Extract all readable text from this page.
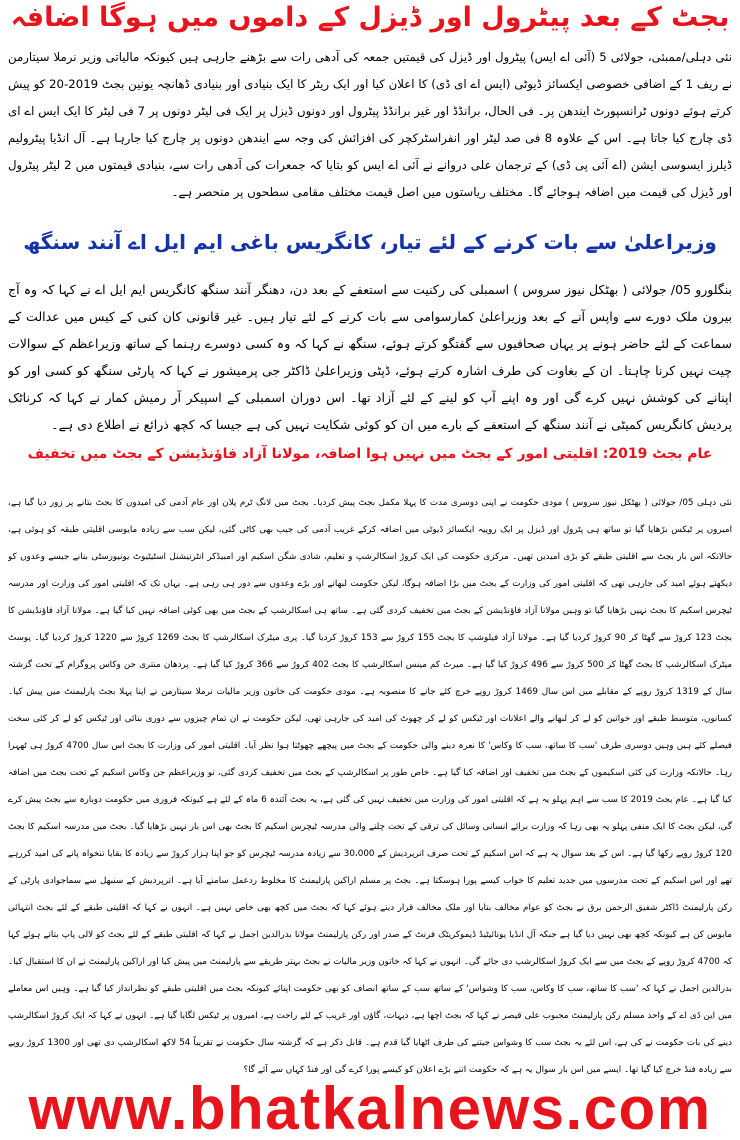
بجٹ کے بعد پیٹرول اور ڈیزل کے داموں میں ہوگا اضافہ

نئی دہلی/ممبئی، جولائی 5 (آئی اے ایس) پیٹرول اور ڈیزل کی قیمتیں جمعہ کی آدھی رات سے بڑھنے جارہی ہیں کیونکہ مالیاتی وزیر نرملا سیتارمن نے ریف 1 کے اضافی خصوصی ایکسائز ڈیوٹی (ایس اے ای ڈی) کا اعلان کیا اور ایک ریٹر کا ایک بنیادی اور بنیادی ڈھانچہ یونین بجٹ 2019-20 کو پیش کرتے ہوئے دونوں ٹرانسپورٹ ایندھن پر۔ فی الحال، برانڈڈ اور غیر برانڈڈ پیٹرول اور دونوں ڈیزل پر ایک فی لیٹر دونوں پر 7 فی لیٹر کا ایک ایس اے ای ڈی چارج کیا جاتا ہے۔ اس کے علاوہ 8 فی صد لیٹر اور انفراسٹرکچر کی افزائش کی وجہ سے ایندھن دونوں پر چارج کیا جارہا ہے۔ آل انڈیا پیٹرولیم ڈیلرز ایسوسی ایشن (اے آئی پی ڈی) کے ترجمان علی دروانے نے آئی اے ایس کو بتایا کہ جمعرات کی آدھی رات سے، بنیادی قیمتوں میں 2 لیٹر پیٹرول اور ڈیزل کی قیمت میں اضافہ ہوجائے گا۔ مختلف ریاستوں میں اصل قیمت مختلف مقامی سطحوں پر منحصر ہے۔

وزیراعلیٰ سے بات کرنے کے لئے تیار، کانگریس باغی ایم ایل اے آنند سنگھ

بنگلورو 05/ جولائی ( بھٹکل نیوز سروس ) اسمبلی کی رکنیت سے استعفے کے بعد دن، دھنگر آنند سنگھ کانگریس ایم ایل اے نے کہا کہ وہ آج بیرون ملک دورے سے واپس آنے کے بعد وزیراعلیٰ کمارسوامی سے بات کرنے کے لئے تیار ہیں۔ غیر قانونی کان کنی کے کیس میں عدالت کے سماعت کے لئے حاضر ہونے پر یہاں صحافیوں سے گفتگو کرتے ہوئے، سنگھ نے کہا کہ وہ کسی دوسرے رہنما کے ساتھ وزیراعظم کے سوالات چیت نہیں کرنا چاہتا۔ ان کے بغاوت کی طرف اشارہ کرتے ہوئے، ڈپٹی وزیراعلیٰ ڈاکٹر جی پرمیشور نے کہا کہ پارٹی سنگھ کو کسی اور کو اپنانے کی کوشش نہیں کرے گی اور وہ اپنے آپ کو لینے کے لئے آزاد تھا۔ اس دوران اسمبلی کے اسپیکر آر رمیش کمار نے کہا کہ کرناٹک پردیش کانگریس کمیٹی نے آنند سنگھ کے استعفے کے بارے میں ان کو کوئی شکایت نہیں کی ہے جیسا کہ کچھ ذرائع نے اطلاع دی ہے۔

عام بجٹ 2019: اقلیتی امور کے بجٹ میں نہیں ہوا اضافہ، مولانا آزاد فاؤنڈیشن کے بجٹ میں تخفیف

نئی دہلی 05/ جولائی ( بھٹکل نیوز سروس ) مودی حکومت نے اپنی دوسری مدت کا پہلا مکمل بجٹ پیش کردیا۔ بجٹ میں لانگ ٹرم پلان اور عام آدمی کی امیدوں کا بجٹ بتانے پر زور دیا گیا ہے، امیروں پر ٹیکس بڑھایا گیا تو ساتھ ہی پٹرول اور ڈیزل پر ایک روپیہ ایکسائز ڈیوٹی میں اضافہ کرکے غریب آدمی کی جیب بھی کاٹی گئی، لیکن سب سے زیادہ مایوسی اقلیتی طبقہ کو ہوئی ہے، حالانکہ اس بار بجٹ سے اقلیتی طبقے کو بڑی امیدیں تھیں۔ مرکزی حکومت کی ایک کروڑ اسکالرشپ و تعلیم، شادی شگن اسکیم اور امبیڈکر انٹرنیشنل اسٹیٹیوٹ یونیورسٹی بنانے جیسے وعدوں کو دیکھتے ہوئے امید کی جارہی تھی کہ اقلیتی امور کی وزارت کے بجٹ میں بڑا اضافہ ہوگا، لیکن حکومت لبھانے اور بڑے وعدوں سے دور ہی رہی ہے۔ یہاں تک کہ اقلیتی امور کی وزارت اور مدرسہ ٹیچرس اسکیم کا بجٹ نہیں بڑھایا گیا تو وہیں مولانا آزاد فاؤنڈیشن کے بجٹ میں تخفیف کردی گئی ہے۔ ساتھ ہی اسکالرشپ کے بجٹ میں بھی کوئی اضافہ نہیں کیا گیا ہے۔ مولانا آزاد فاؤنڈیشن کا بجٹ 123 کروڑ سے گھٹا کر 90 کروڑ کردیا گیا ہے۔ مولانا آزاد فیلوشپ کا بجٹ 155 کروڑ سے 153 کروڑ کردیا گیا۔ پری میٹرک اسکالرشپ کا بجٹ 1269 کروڑ سے 1220 کروڑ کردیا گیا۔ پوسٹ میٹرک اسکالرشپ کا بجٹ گھٹا کر 500 کروڑ سے 496 کروڑ کیا گیا ہے۔ میرٹ کم مینس اسکالرشپ کا بجٹ 402 کروڑ سے 366 کروڑ کیا گیا ہے۔ پردھان منتری جن وکاس پروگرام کے تحت گزشتہ سال کے 1319 کروڑ روپے کے مقابلے میں اس سال 1469 کروڑ روپے خرچ کئے جانے کا منصوبہ ہے۔ مودی حکومت کی خاتون وزیر مالیات نرملا سیتارمن نے اپنا پہلا بجٹ پارلیمنٹ میں پیش کیا۔ کسانوں، متوسط طبقے اور خواتین کو لے کر لبھانے والے اعلانات اور ٹیکس کو لے کر چھوٹ کی امید کی جارہی تھی، لیکن حکومت نے ان تمام چیزوں سے دوری بنائی اور ٹیکس کو لے کر کئی سخت فیصلے کئے ہیں وہیں دوسری طرف 'سب کا ساتھ، سب کا وکاس' کا نعرہ دینے والی حکومت کے بجٹ میں پیچھے چھوٹتا ہوا نظر آیا۔ اقلیتی امور کی وزارت کا بجٹ اس سال 4700 کروڑ ہی ٹھہرا رہا۔ حالانکہ وزارت کی کئی اسکیموں کے بجٹ میں تخفیف اور اضافہ کیا گیا ہے۔ خاص طور پر اسکالرشپ کے بجٹ میں تخفیف کردی گئی، تو وزیراعظم جن وکاس اسکیم کے تحت بجٹ میں اضافہ کیا گیا ہے۔ عام بجٹ 2019 کا سب سے اہم پہلو یہ ہے کہ اقلیتی امور کی وزارت میں تخفیف نہیں کی گئی ہے، یہ بجٹ آئندہ 6 ماہ کے لئے ہے کیونکہ فروری میں حکومت دوبارہ سے بجٹ پیش کرے گی، لیکن بجٹ کا ایک منفی پہلو یہ بھی رہا کہ وزارت برائے انسانی وسائل کی ترقی کے تحت چلنے والی مدرسہ ٹیچرس اسکیم کا بجٹ بھی اس بار نہیں بڑھایا گیا۔ بجٹ میں مدرسہ اسکیم کا بجٹ 120 کروڑ روپے رکھا گیا ہے۔ اس کے بعد سوال یہ ہے کہ اس اسکیم کے تحت صرف اترپردیش کے 30،000 سے زیادہ مدرسہ ٹیچرس کو جو اپنا ہزار کروڑ سے زیادہ کا بقایا تنخواہ پانے کی امید کررہے تھے اور اس اسکیم کے تحت مدرسوں میں جدید تعلیم کا خواب کیسے پورا ہوسکتا ہے۔ بجٹ پر مسلم اراکین پارلیمنٹ کا مخلوط ردعمل سامنے آیا ہے۔ اترپردیش کے سنبھل سے سماجوادی پارٹی کے رکن پارلیمنٹ ڈاکٹر شفیق الرحمن برق نے بجٹ کو عوام مخالف بتایا اور ملک مخالف قرار دیتے ہوئے کہا کہ بجٹ میں کچھ بھی خاص نہیں ہے۔ انہوں نے کہا کہ اقلیتی طبقے کے لئے بجٹ انتہائی مایوس کن ہے کیونکہ کچھ بھی نہیں دیا گیا ہے جبکہ آل انڈیا یونائیٹیڈ ڈیموکریٹک فرنٹ کے صدر اور رکن پارلیمنٹ مولانا بدرالدین اجمل نے کہا کہ اقلیتی طبقے کے لئے بجٹ کو لالی پاپ بتاتے ہوئے کہا کہ 4700 کروڑ روپے کے بجٹ میں سے ایک کروڑ اسکالرشپ دی جائے گی۔ انہوں نے کہا کہ خاتون وزیر مالیات نے بجٹ بہتر طریقے سے پارلیمنٹ میں پیش کیا اور اراکین پارلیمنٹ نے ان کا استقبال کیا۔ بدرالدین اجمل نے کہا کہ 'سب کا ساتھ، سب کا وکاس، سب کا وشواس' کے ساتھ سب کے ساتھ انصاف کو بھی حکومت اپنائے کیونکہ بجٹ میں اقلیتی طبقے کو نظرانداز کیا گیا ہے۔ وہیں اس معاملے میں این ڈی اے کے واحد مسلم رکن پارلیمنٹ محبوب علی قیصر نے کہا کہ بجٹ اچھا ہے، دیہات، گاؤں اور غریب کے لئے راحت ہے، امیروں پر ٹیکس لگایا گیا ہے۔ انہوں نے کہا کہ ایک کروڑ اسکالرشپ دینے کی بات حکومت نے کی ہے، اس لئے یہ بجٹ سب کا وشواس جیتنے کی طرف اٹھایا گیا قدم ہے۔ قابل ذکر ہے کہ گزشتہ سال حکومت نے تقریباً 54 لاکھ اسکالرشپ دی تھی اور 1300 کروڑ روپے سے زیادہ فنڈ خرچ کیا گیا تھا۔ ایسے میں اس بار سوال یہ ہے کہ حکومت اتنے بڑے اعلان کو کیسے پورا کرے گی اور فنڈ کہاں سے آئے گا؟

www.bhatkalnews.com
